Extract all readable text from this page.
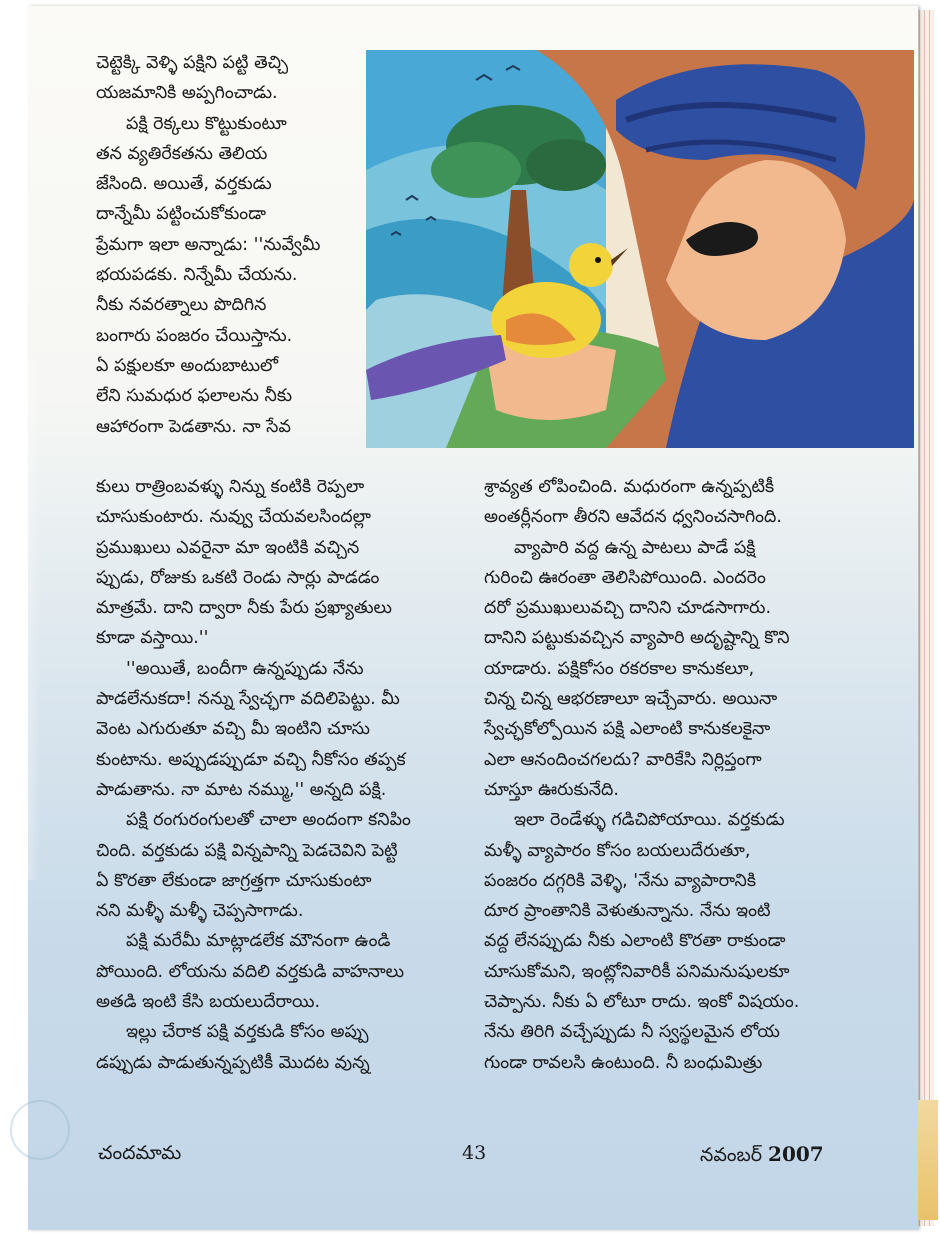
చెట్టెక్కి వెళ్ళి పక్షిని పట్టి తెచ్చి

యజమానికి అప్పగించాడు.

పక్షి రెక్కలు కొట్టుకుంటూ

తన వ్యతిరేకతను తెలియ

జేసింది. అయితే, వర్తకుడు

దాన్నేమీ పట్టించుకోకుండా

ప్రేమగా ఇలా అన్నాడు: ''నువ్వేమీ

భయపడకు. నిన్నేమీ చేయను.

నీకు నవరత్నాలు పొదిగిన

బంగారు పంజరం చేయిస్తాను.

ఏ పక్షులకూ అందుబాటులో

లేని సుమధుర ఫలాలను నీకు

ఆహారంగా పెడతాను. నా సేవ

కులు రాత్రింబవళ్ళు నిన్ను కంటికి రెప్పలా

చూసుకుంటారు. నువ్వు చేయవలసిందల్లా

ప్రముఖులు ఎవరైనా మా ఇంటికి వచ్చిన

ప్పుడు, రోజుకు ఒకటి రెండు సార్లు పాడడం

మాత్రమే. దాని ద్వారా నీకు పేరు ప్రఖ్యాతులు

కూడా వస్తాయి.''

''అయితే, బందీగా ఉన్నప్పుడు నేను

పాడలేనుకదా! నన్ను స్వేచ్ఛగా వదిలిపెట్టు. మీ

వెంట ఎగురుతూ వచ్చి మీ ఇంటిని చూసు

కుంటాను. అప్పుడప్పుడూ వచ్చి నీకోసం తప్పక

పాడుతాను. నా మాట నమ్ము,'' అన్నది పక్షి.

పక్షి రంగురంగులతో చాలా అందంగా కనిపిం

చింది. వర్తకుడు పక్షి విన్నపాన్ని పెడచెవిని పెట్టి

ఏ కొరతా లేకుండా జాగ్రత్తగా చూసుకుంటా

నని మళ్ళీ మళ్ళీ చెప్పసాగాడు.

పక్షి మరేమీ మాట్లాడలేక మౌనంగా ఉండి

పోయింది. లోయను వదిలి వర్తకుడి వాహనాలు

అతడి ఇంటి కేసి బయలుదేరాయి.

ఇల్లు చేరాక పక్షి వర్తకుడి కోసం అప్పు

డప్పుడు పాడుతున్నప్పటికీ మొదట వున్న

శ్రావ్యత లోపించింది. మధురంగా ఉన్నప్పటికీ

అంతర్లీనంగా తీరని ఆవేదన ధ్వనించసాగింది.

వ్యాపారి వద్ద ఉన్న పాటలు పాడే పక్షి

గురించి ఊరంతా తెలిసిపోయింది. ఎందరెం

దరో ప్రముఖులువచ్చి దానిని చూడసాగారు.

దానిని పట్టుకువచ్చిన వ్యాపారి అదృష్టాన్ని కొని

యాడారు. పక్షికోసం రకరకాల కానుకలూ,

చిన్న చిన్న ఆభరణాలూ ఇచ్చేవారు. అయినా

స్వేచ్ఛకోల్పోయిన పక్షి ఎలాంటి కానుకలకైనా

ఎలా ఆనందించగలదు? వారికేసి నిర్లిప్తంగా

చూస్తూ ఊరుకునేది.

ఇలా రెండేళ్ళు గడిచిపోయాయి. వర్తకుడు

మళ్ళీ వ్యాపారం కోసం బయలుదేరుతూ,

పంజరం దగ్గరికి వెళ్ళి, 'నేను వ్యాపారానికి

దూర ప్రాంతానికి వెళుతున్నాను. నేను ఇంటి

వద్ద లేనప్పుడు నీకు ఎలాంటి కొరతా రాకుండా

చూసుకోమని, ఇంట్లోనివారికీ పనిమనుషులకూ

చెప్పాను. నీకు ఏ లోటూ రాదు. ఇంకో విషయం.

నేను తిరిగి వచ్చేప్పుడు నీ స్వస్థలమైన లోయ

గుండా రావలసి ఉంటుంది. నీ బంధుమిత్రు

చందమామ	43	నవంబర్ 2007
